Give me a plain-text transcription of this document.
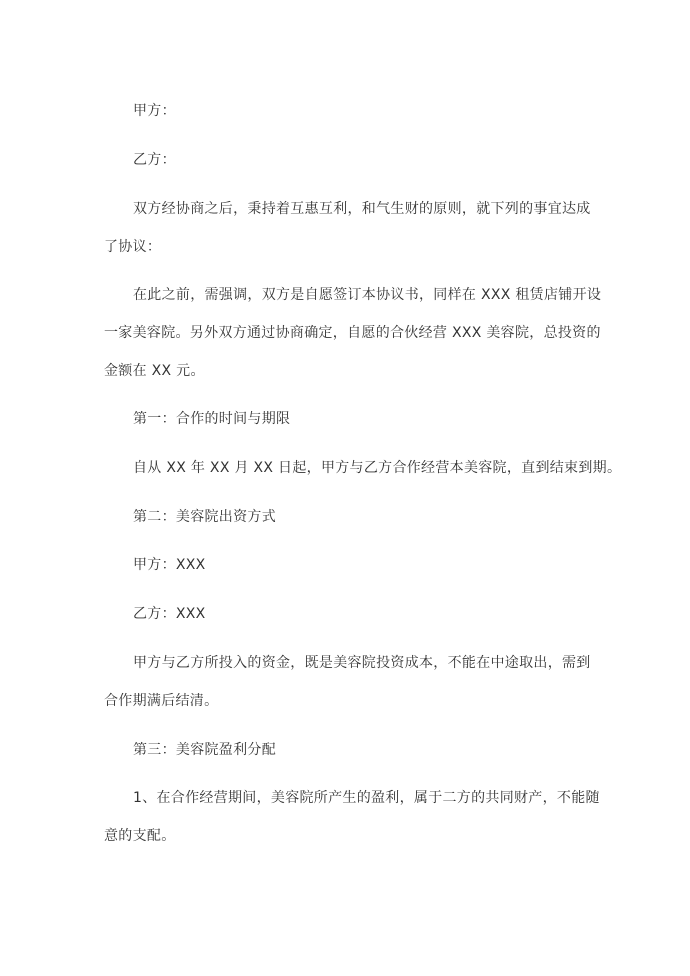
甲方：
乙方：
双方经协商之后，秉持着互惠互利，和气生财的原则，就下列的事宜达成
了协议：
在此之前，需强调，双方是自愿签订本协议书，同样在 XXX 租赁店铺开设
一家美容院。另外双方通过协商确定，自愿的合伙经营 XXX 美容院，总投资的
金额在 XX 元。
第一：合作的时间与期限
自从 XX 年 XX 月 XX 日起，甲方与乙方合作经营本美容院，直到结束到期。
第二：美容院出资方式
甲方：XXX
乙方：XXX
甲方与乙方所投入的资金，既是美容院投资成本，不能在中途取出，需到
合作期满后结清。
第三：美容院盈利分配
1、在合作经营期间，美容院所产生的盈利，属于二方的共同财产，不能随
意的支配。
